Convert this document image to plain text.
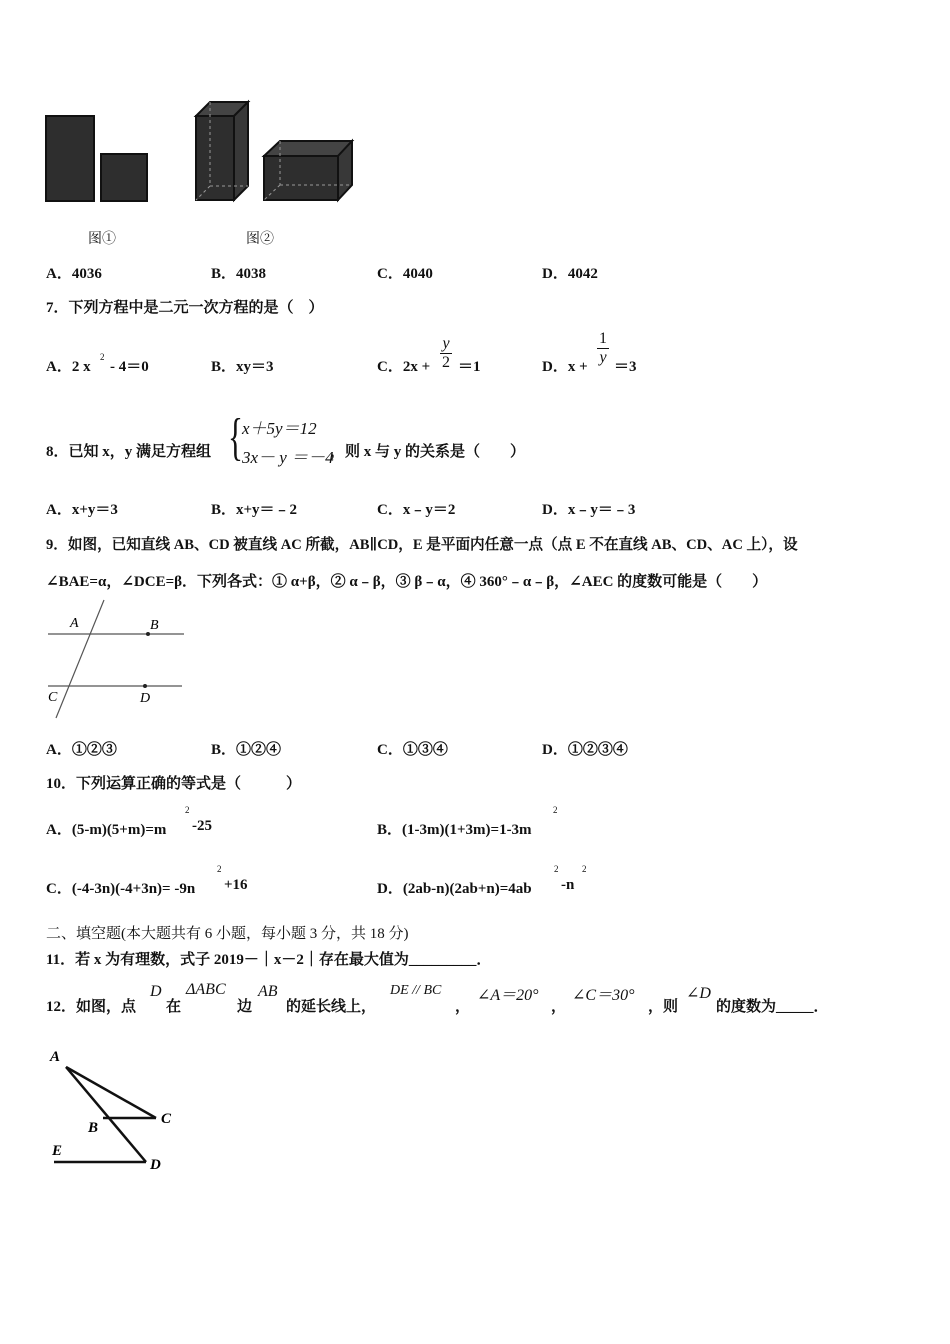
图①	图②
A．4036	B．4038	C．4040	D．4042
7．下列方程中是二元一次方程的是（　）
A．2 x
2
- 4＝0	B．xy＝3	C．2x +
y
2 ＝1	D．x +
1
y
＝3
8．已知 x，y 满足方程组 { x＋5y＝12
3x－ y ＝－4
，则 x 与 y 的关系是（　　）
A．x+y＝3	B．x+y＝﹣2	C．x﹣y＝2	D．x﹣y＝﹣3
9．如图，已知直线 AB、CD 被直线 AC 所截，AB∥CD，E 是平面内任意一点（点 E 不在直线 AB、CD、AC 上），设
∠BAE=α，∠DCE=β．下列各式：① α+β，② α﹣β，③ β﹣α，④ 360°﹣α﹣β，∠AEC 的度数可能是（　　）
A	B
C	D
A．①②③	B．①②④	C．①③④	D．①②③④
10．下列运算正确的等式是（　　　）
A．(5-m)(5+m)=m
2
-25	B．(1-3m)(1+3m)=1-3m
2
C．(-4-3n)(-4+3n)= -9n
2
+16	D．(2ab-n)(2ab+n)=4ab
2
-n
2
二、填空题(本大题共有 6 小题，每小题 3 分，共 18 分)
11．若 x 为有理数，式子 2019－｜x－2｜存在最大值为_________．
12．如图，点
D
在
ΔABC
边
AB
的延长线上，
DE // BC
，
∠A＝20°
，
∠C＝30°
，则
∠D
的度数为_____．
A
B
C
E
D
